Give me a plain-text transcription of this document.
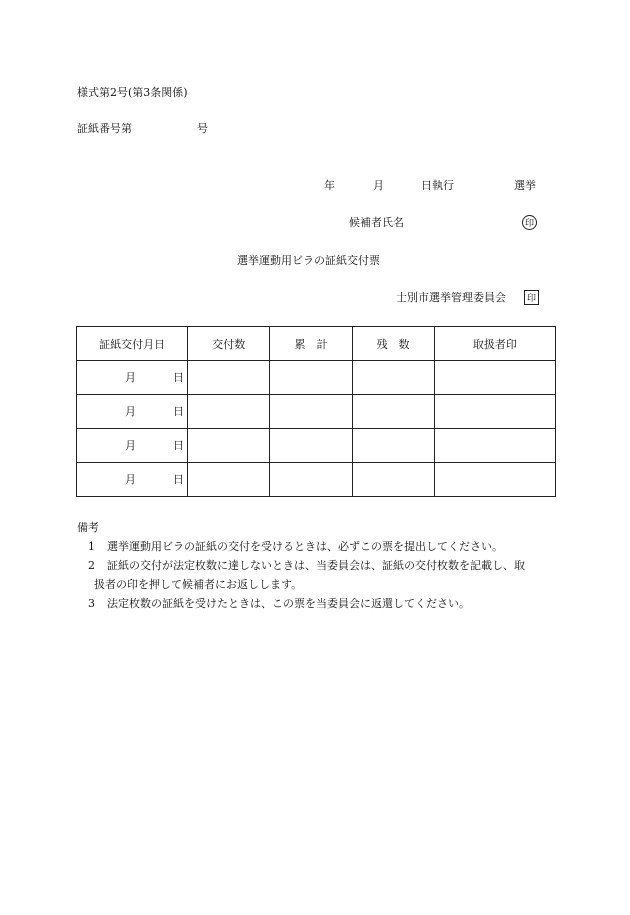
様式第2号(第3条関係)
証紙番号第	号
年	月	日執行	選挙
候補者氏名	印
選挙運動用ビラの証紙交付票
士別市選挙管理委員会 印
証紙交付月日	交付数	累　計	残　数	取扱者印

月 日				

月 日				

月 日				

月 日				

備考
1 選挙運動用ビラの証紙の交付を受けるときは、必ずこの票を提出してください。
2 証紙の交付が法定枚数に達しないときは、当委員会は、証紙の交付枚数を記載し、取
扱者の印を押して候補者にお返しします。
3 法定枚数の証紙を受けたときは、この票を当委員会に返還してください。
